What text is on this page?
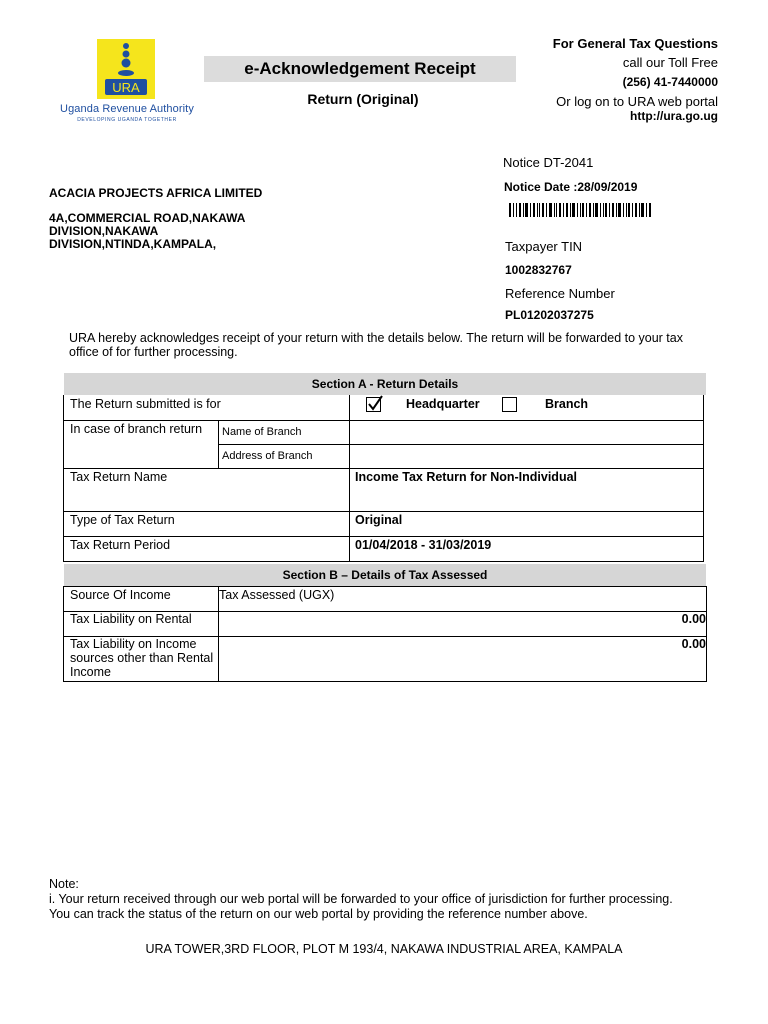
URA
Uganda Revenue Authority
DEVELOPING UGANDA TOGETHER
e-Acknowledgement Receipt
Return (Original)
For General Tax Questions
call our Toll Free
(256) 41-7440000
Or log on to URA web portal
http://ura.go.ug
Notice DT-2041
Notice Date :28/09/2019
Taxpayer TIN
1002832767
Reference Number
PL01202037275
ACACIA PROJECTS AFRICA LIMITED
4A,COMMERCIAL ROAD,NAKAWA
DIVISION,NAKAWA
DIVISION,NTINDA,KAMPALA,
URA hereby acknowledges receipt of your return with the details below. The return will be forwarded to your tax office of for further processing.
Section A - Return Details
The Return submitted is for	Headquarter	Branch
In case of branch return Name of Branch
Address of Branch
Tax Return Name	Income Tax Return for Non-Individual
Type of Tax Return	Original
Tax Return Period	01/04/2018 - 31/03/2019
Section B – Details of Tax Assessed
Source Of Income	Tax Assessed (UGX)
Tax Liability on Rental	0.00
Tax Liability on Income sources other than Rental Income
0.00
Note:
i. Your return received through our web portal will be forwarded to your office of jurisdiction for further processing.
You can track the status of the return on our web portal by providing the reference number above.
URA TOWER,3RD FLOOR, PLOT M 193/4, NAKAWA INDUSTRIAL AREA, KAMPALA
